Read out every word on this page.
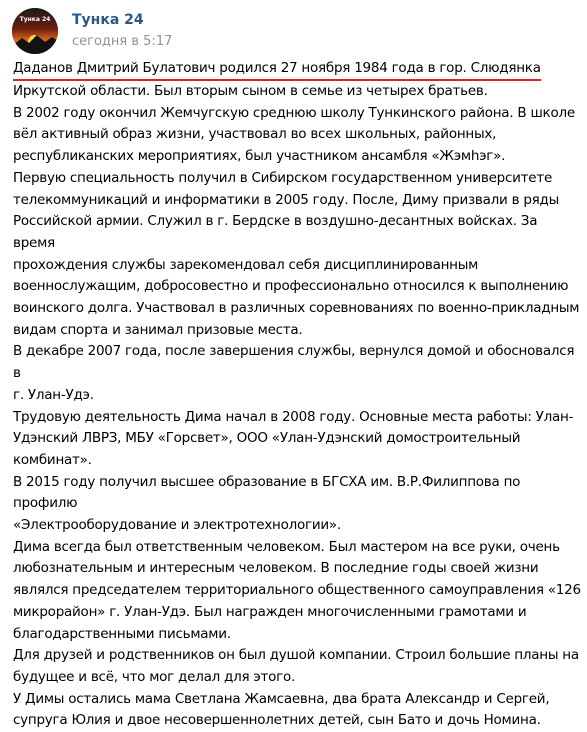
Тунка 24 Тунка 24
сегодня в 5:17

Даданов Дмитрий Булатович родился 27 ноября 1984 года в гор. Слюдянка

Иркутской области. Был вторым сыном в семье из четырех братьев.

В 2002 году окончил Жемчугскую среднюю школу Тункинского района. В школе
вёл активный образ жизни, участвовал во всех школьных, районных,
республиканских мероприятиях, был участником ансамбля «Жэмhэг».

Первую специальность получил в Сибирском государственном университете
телекоммуникаций и информатики в 2005 году. После, Диму призвали в ряды
Российской армии. Служил в г. Бердске в воздушно-десантных войсках. За время
прохождения службы зарекомендовал себя дисциплинированным
военнослужащим, добросовестно и профессионально относился к выполнению
воинского долга. Участвовал в различных соревнованиях по военно-прикладным
видам спорта и занимал призовые места.

В декабре 2007 года, после завершения службы, вернулся домой и обосновался в
г. Улан-Удэ.

Трудовую деятельность Дима начал в 2008 году. Основные места работы: Улан-
Удэнский ЛВРЗ, МБУ «Горсвет», ООО «Улан-Удэнский домостроительный
комбинат».

В 2015 году получил высшее образование в БГСХА им. В.Р.Филиппова по профилю
«Электрооборудование и электротехнологии».

Дима всегда был ответственным человеком. Был мастером на все руки, очень
любознательным и интересным человеком. В последние годы своей жизни
являлся председателем территориального общественного самоуправления «126
микрорайон» г. Улан-Удэ. Был награжден многочисленными грамотами и
благодарственными письмами.

Для друзей и родственников он был душой компании. Строил большие планы на
будущее и всё, что мог делал для этого.

У Димы остались мама Светлана Жамсаевна, два брата Александр и Сергей,
супруга Юлия и двое несовершеннолетних детей, сын Бато и дочь Номина.
